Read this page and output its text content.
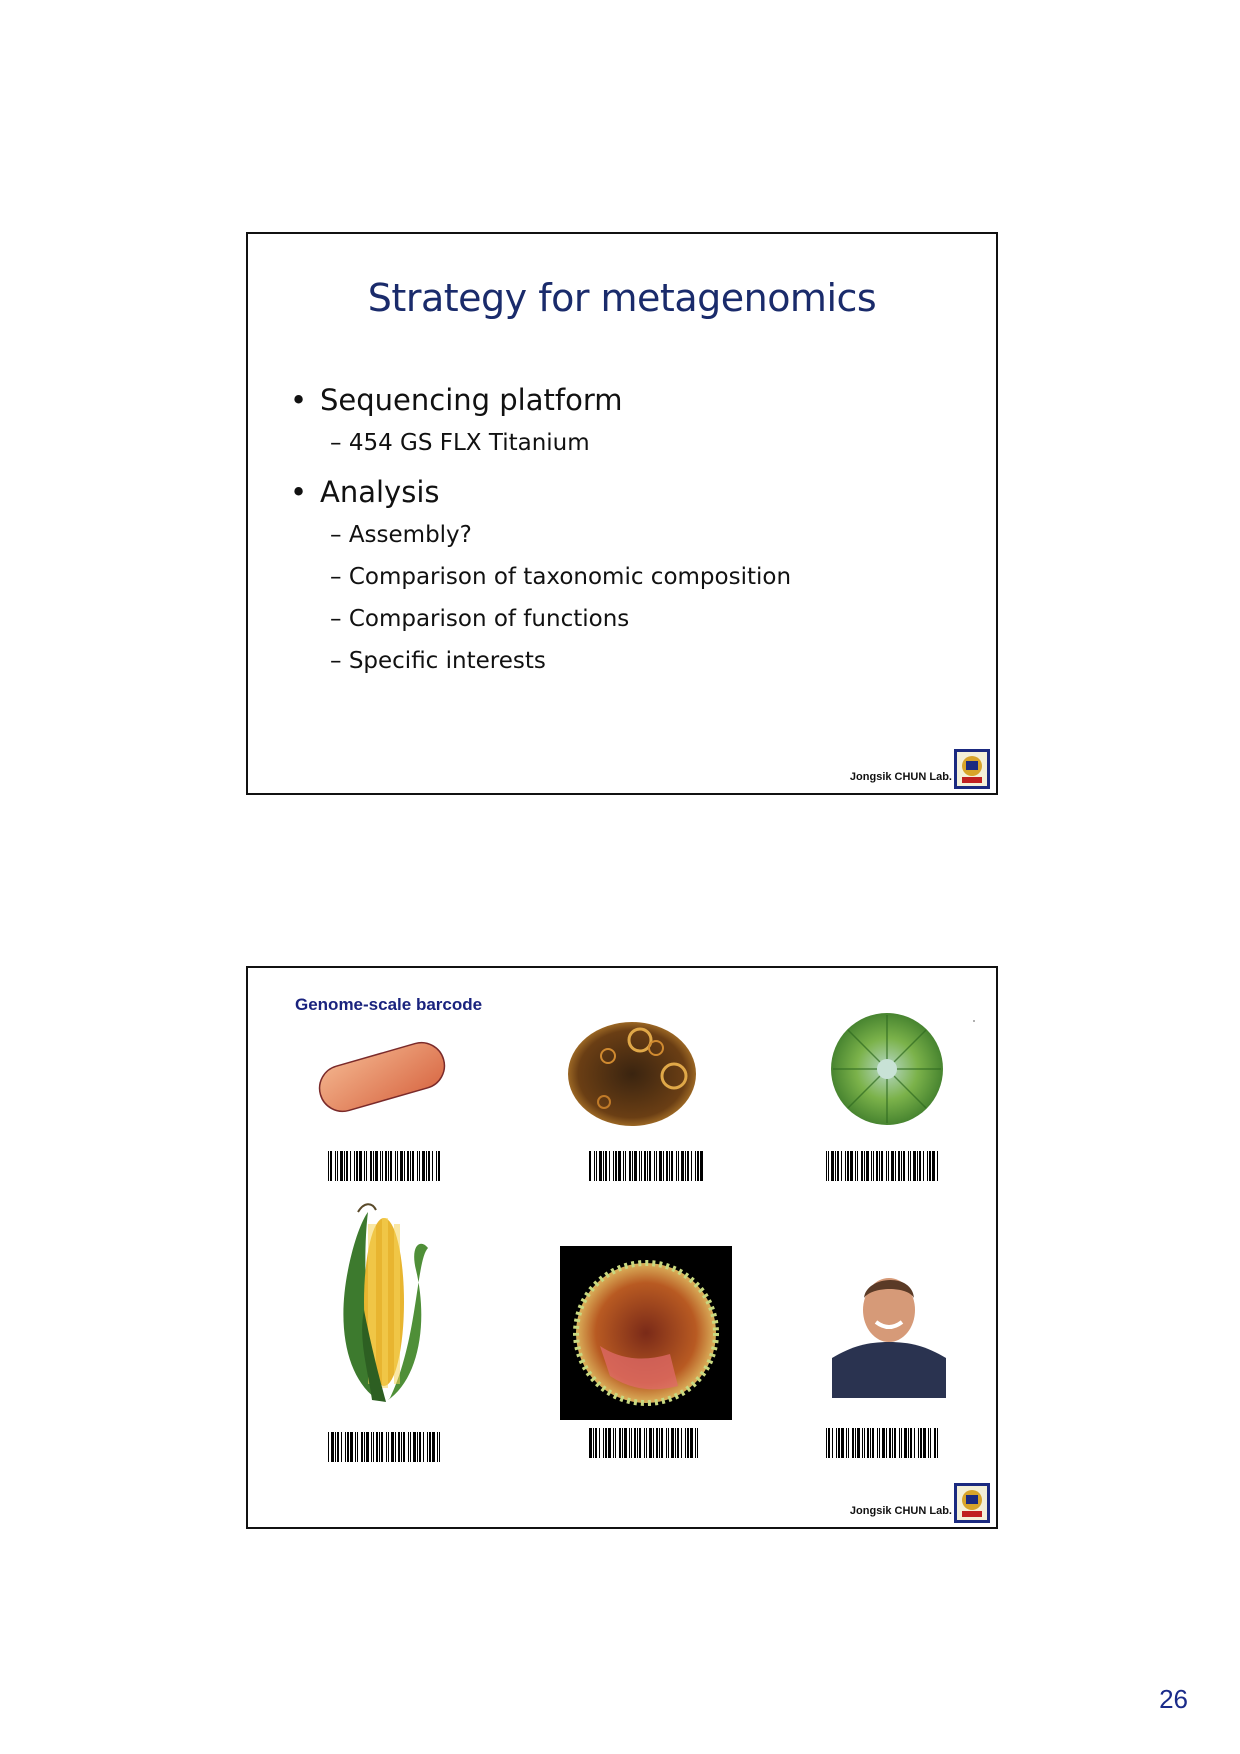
Strategy for metagenomics
• Sequencing platform
– 454 GS FLX Titanium
• Analysis
– Assembly?
– Comparison of taxonomic composition
– Comparison of functions
– Specific interests
Jongsik CHUN Lab.
Genome-scale barcode
Jongsik CHUN Lab.
26
